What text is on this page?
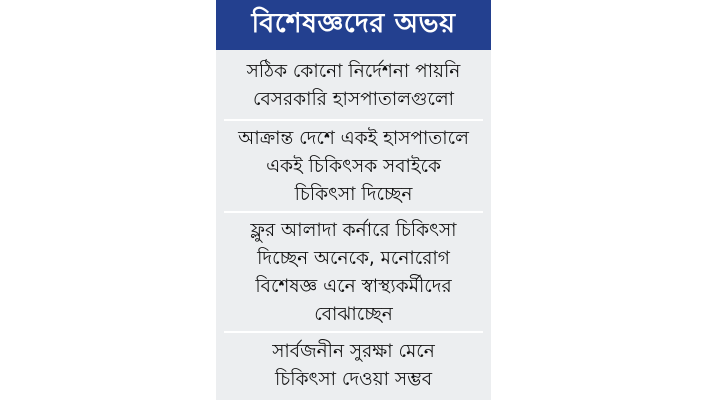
বিশেষজ্ঞদের অভয়
সঠিক কোনো নির্দেশনা পায়নি
বেসরকারি হাসপাতালগুলো
আক্রান্ত দেশে একই হাসপাতালে
একই চিকিৎসক সবাইকে
চিকিৎসা দিচ্ছেন
ফ্লুর আলাদা কর্নারে চিকিৎসা
দিচ্ছেন অনেকে, মনোরোগ
বিশেষজ্ঞ এনে স্বাস্থ্যকর্মীদের
বোঝাচ্ছেন
সার্বজনীন সুরক্ষা মেনে
চিকিৎসা দেওয়া সম্ভব
